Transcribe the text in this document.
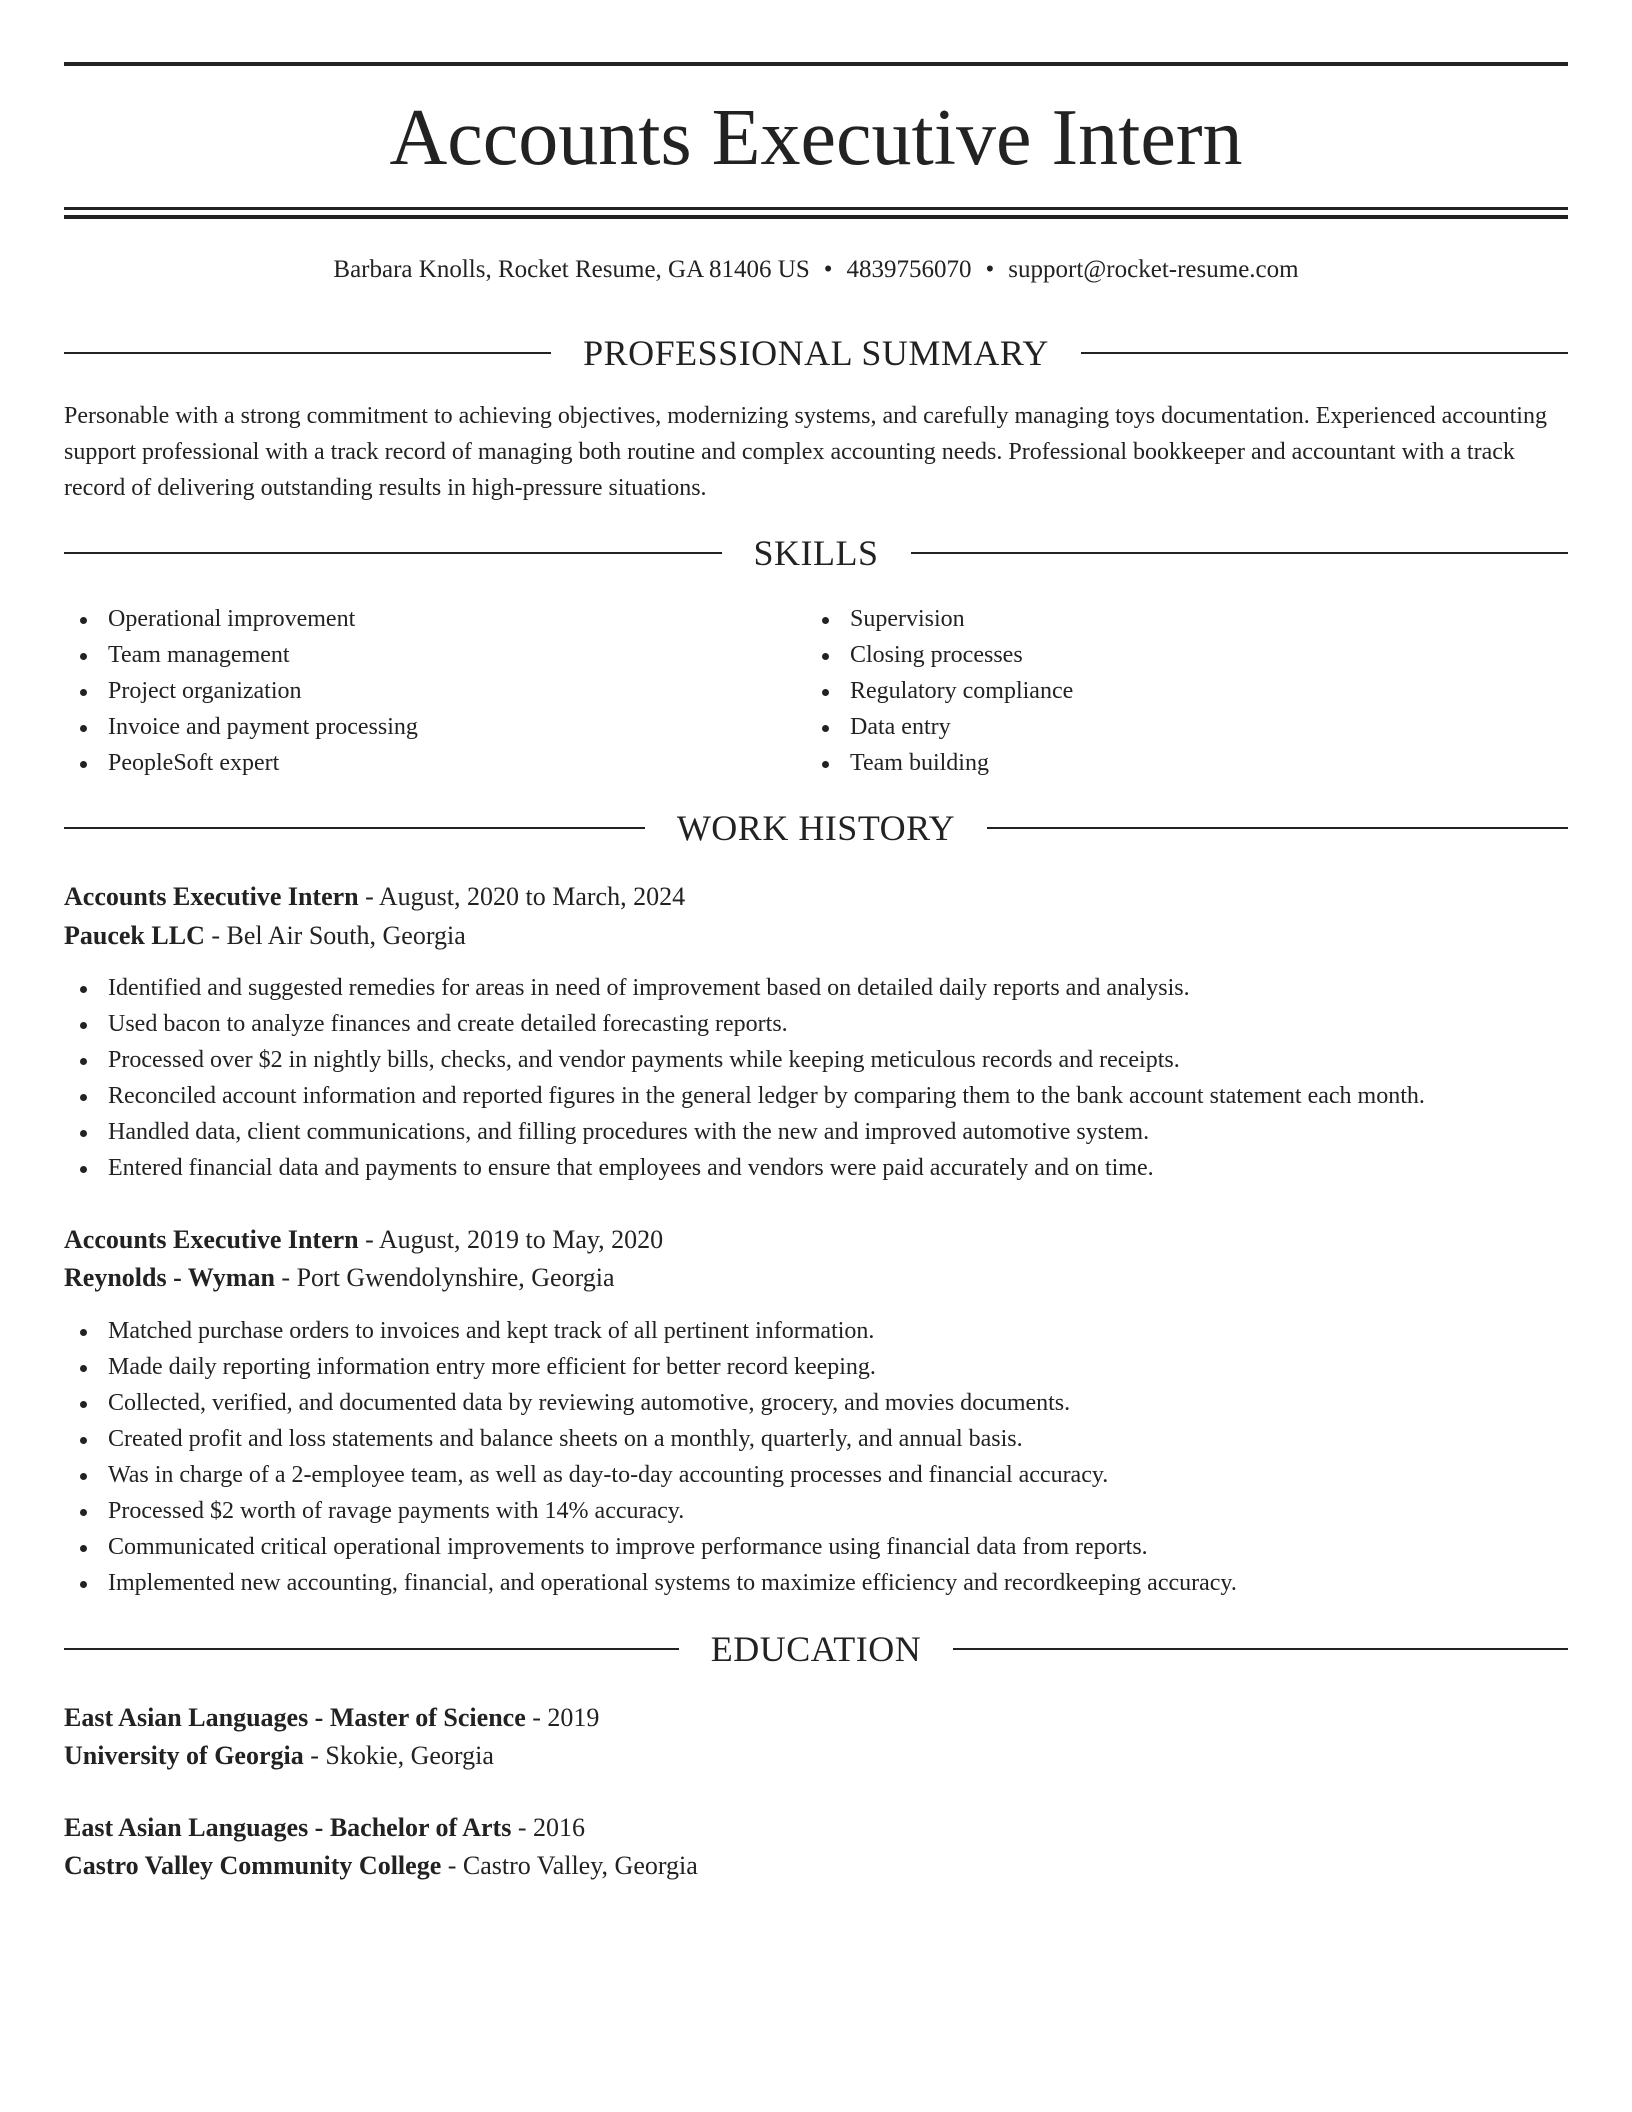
Accounts Executive Intern
Barbara Knolls, Rocket Resume, GA 81406 US • 4839756070 • support@rocket-resume.com
PROFESSIONAL SUMMARY

Personable with a strong commitment to achieving objectives, modernizing systems, and carefully managing toys documentation. Experienced accounting support professional with a track record of managing both routine and complex accounting needs. Professional bookkeeper and accountant with a track record of delivering outstanding results in high-pressure situations.

SKILLS
Operational improvement
Team management
Project organization
Invoice and payment processing
PeopleSoft expert
Supervision
Closing processes
Regulatory compliance
Data entry
Team building
WORK HISTORY

Accounts Executive Intern - August, 2020 to March, 2024

Paucek LLC - Bel Air South, Georgia

Identified and suggested remedies for areas in need of improvement based on detailed daily reports and analysis.
Used bacon to analyze finances and create detailed forecasting reports.
Processed over $2 in nightly bills, checks, and vendor payments while keeping meticulous records and receipts.
Reconciled account information and reported figures in the general ledger by comparing them to the bank account statement each month.
Handled data, client communications, and filling procedures with the new and improved automotive system.
Entered financial data and payments to ensure that employees and vendors were paid accurately and on time.

Accounts Executive Intern - August, 2019 to May, 2020

Reynolds - Wyman - Port Gwendolynshire, Georgia

Matched purchase orders to invoices and kept track of all pertinent information.
Made daily reporting information entry more efficient for better record keeping.
Collected, verified, and documented data by reviewing automotive, grocery, and movies documents.
Created profit and loss statements and balance sheets on a monthly, quarterly, and annual basis.
Was in charge of a 2-employee team, as well as day-to-day accounting processes and financial accuracy.
Processed $2 worth of ravage payments with 14% accuracy.
Communicated critical operational improvements to improve performance using financial data from reports.
Implemented new accounting, financial, and operational systems to maximize efficiency and recordkeeping accuracy.
EDUCATION

East Asian Languages - Master of Science - 2019

University of Georgia - Skokie, Georgia

East Asian Languages - Bachelor of Arts - 2016

Castro Valley Community College - Castro Valley, Georgia
